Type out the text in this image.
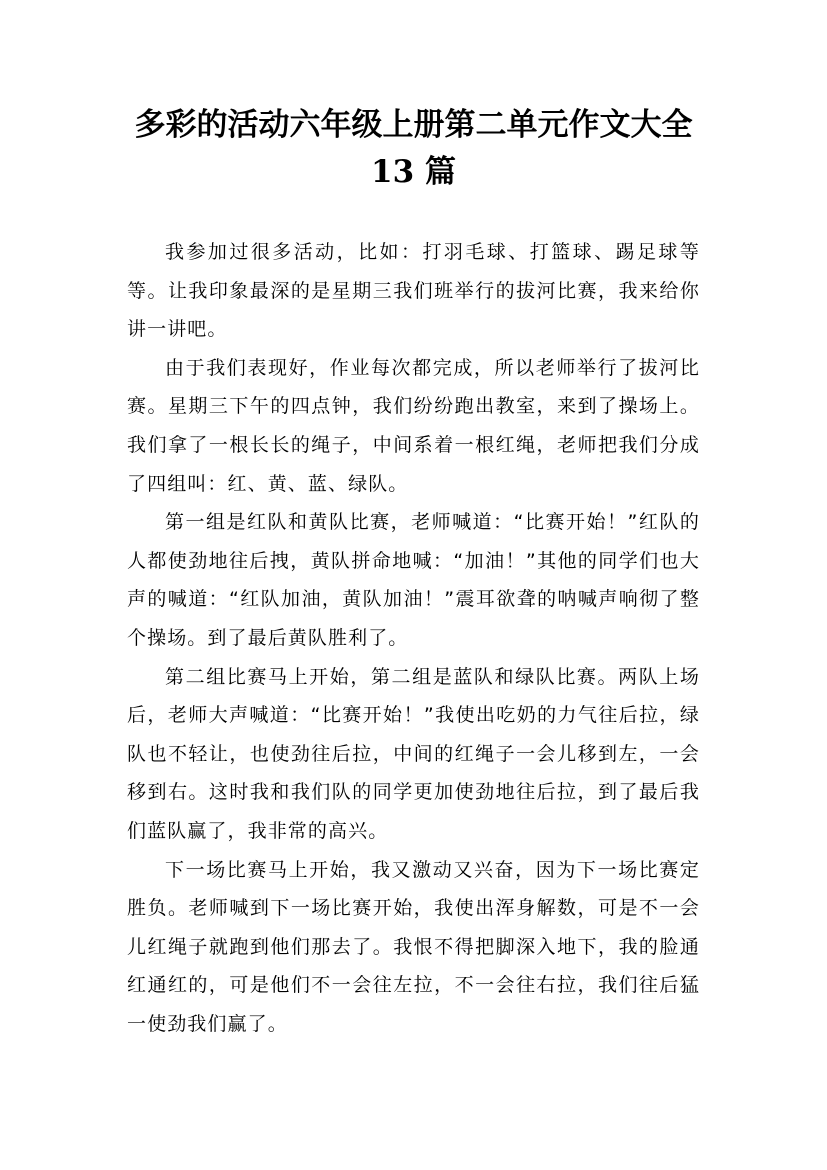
多彩的活动六年级上册第二单元作文大全
13 篇

我参加过很多活动，比如：打羽毛球、打篮球、踢足球等等。让我印象最深的是星期三我们班举行的拔河比赛，我来给你讲一讲吧。

由于我们表现好，作业每次都完成，所以老师举行了拔河比赛。星期三下午的四点钟，我们纷纷跑出教室，来到了操场上。我们拿了一根长长的绳子，中间系着一根红绳，老师把我们分成了四组叫：红、黄、蓝、绿队。

第一组是红队和黄队比赛，老师喊道：“比赛开始！”红队的人都使劲地往后拽，黄队拼命地喊：“加油！”其他的同学们也大声的喊道：“红队加油，黄队加油！”震耳欲聋的呐喊声响彻了整个操场。到了最后黄队胜利了。

第二组比赛马上开始，第二组是蓝队和绿队比赛。两队上场后，老师大声喊道：“比赛开始！”我使出吃奶的力气往后拉，绿队也不轻让，也使劲往后拉，中间的红绳子一会儿移到左，一会移到右。这时我和我们队的同学更加使劲地往后拉，到了最后我们蓝队赢了，我非常的高兴。

下一场比赛马上开始，我又激动又兴奋，因为下一场比赛定胜负。老师喊到下一场比赛开始，我使出浑身解数，可是不一会儿红绳子就跑到他们那去了。我恨不得把脚深入地下，我的脸通红通红的，可是他们不一会往左拉，不一会往右拉，我们往后猛一使劲我们赢了。
